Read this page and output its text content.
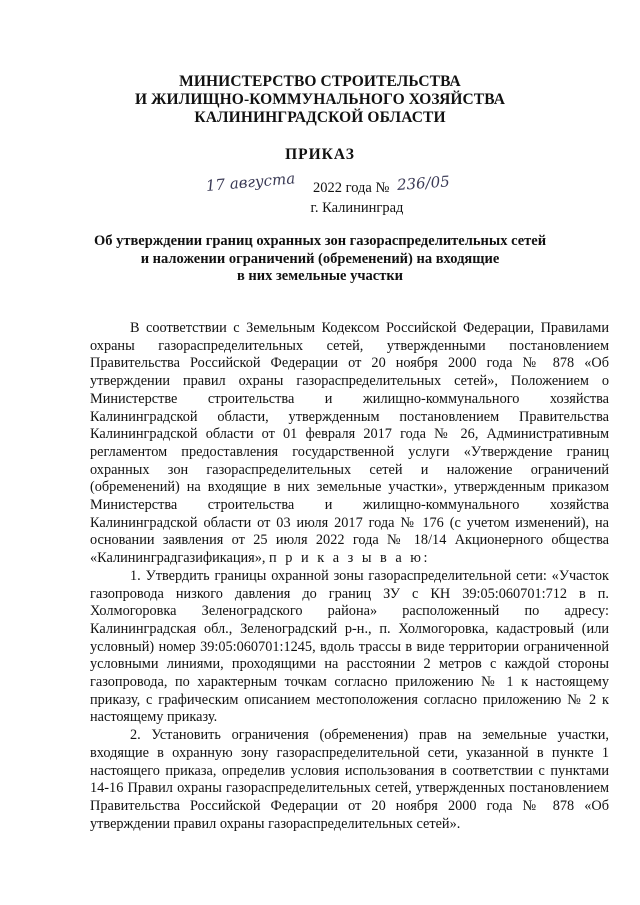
МИНИСТЕРСТВО СТРОИТЕЛЬСТВА
И ЖИЛИЩНО-КОММУНАЛЬНОГО ХОЗЯЙСТВА
КАЛИНИНГРАДСКОЙ ОБЛАСТИ
ПРИКАЗ
17 августа 2022 года № 236/05
г. Калининград
Об утверждении границ охранных зон газораспределительных сетей
и наложении ограничений (обременений) на входящие
в них земельные участки

В соответствии с Земельным Кодексом Российской Федерации, Правилами охраны газораспределительных сетей, утвержденными постановлением Правительства Российской Федерации от 20 ноября 2000 года № 878 «Об утверждении правил охраны газораспределительных сетей», Положением о Министерстве строительства и жилищно-коммунального хозяйства Калининградской области, утвержденным постановлением Правительства Калининградской области от 01 февраля 2017 года № 26, Административным регламентом предоставления государственной услуги «Утверждение границ охранных зон газораспределительных сетей и наложение ограничений (обременений) на входящие в них земельные участки», утвержденным приказом Министерства строительства и жилищно-коммунального хозяйства Калининградской области от 03 июля 2017 года № 176 (с учетом изменений), на основании заявления от 25 июля 2022 года № 18/14 Акционерного общества «Калининградгазификация», п р и к а з ы в а ю:

1. Утвердить границы охранной зоны газораспределительной сети: «Участок газопровода низкого давления до границ ЗУ с КН 39:05:060701:712 в п. Холмогоровка Зеленоградского района» расположенный по адресу: Калининградская обл., Зеленоградский р-н., п. Холмогоровка, кадастровый (или условный) номер 39:05:060701:1245, вдоль трассы в виде территории ограниченной условными линиями, проходящими на расстоянии 2 метров с каждой стороны газопровода, по характерным точкам согласно приложению № 1 к настоящему приказу, с графическим описанием местоположения согласно приложению № 2 к настоящему приказу.

2. Установить ограничения (обременения) прав на земельные участки, входящие в охранную зону газораспределительной сети, указанной в пункте 1 настоящего приказа, определив условия использования в соответствии с пунктами 14-16 Правил охраны газораспределительных сетей, утвержденных постановлением Правительства Российской Федерации от 20 ноября 2000 года № 878 «Об утверждении правил охраны газораспределительных сетей».
